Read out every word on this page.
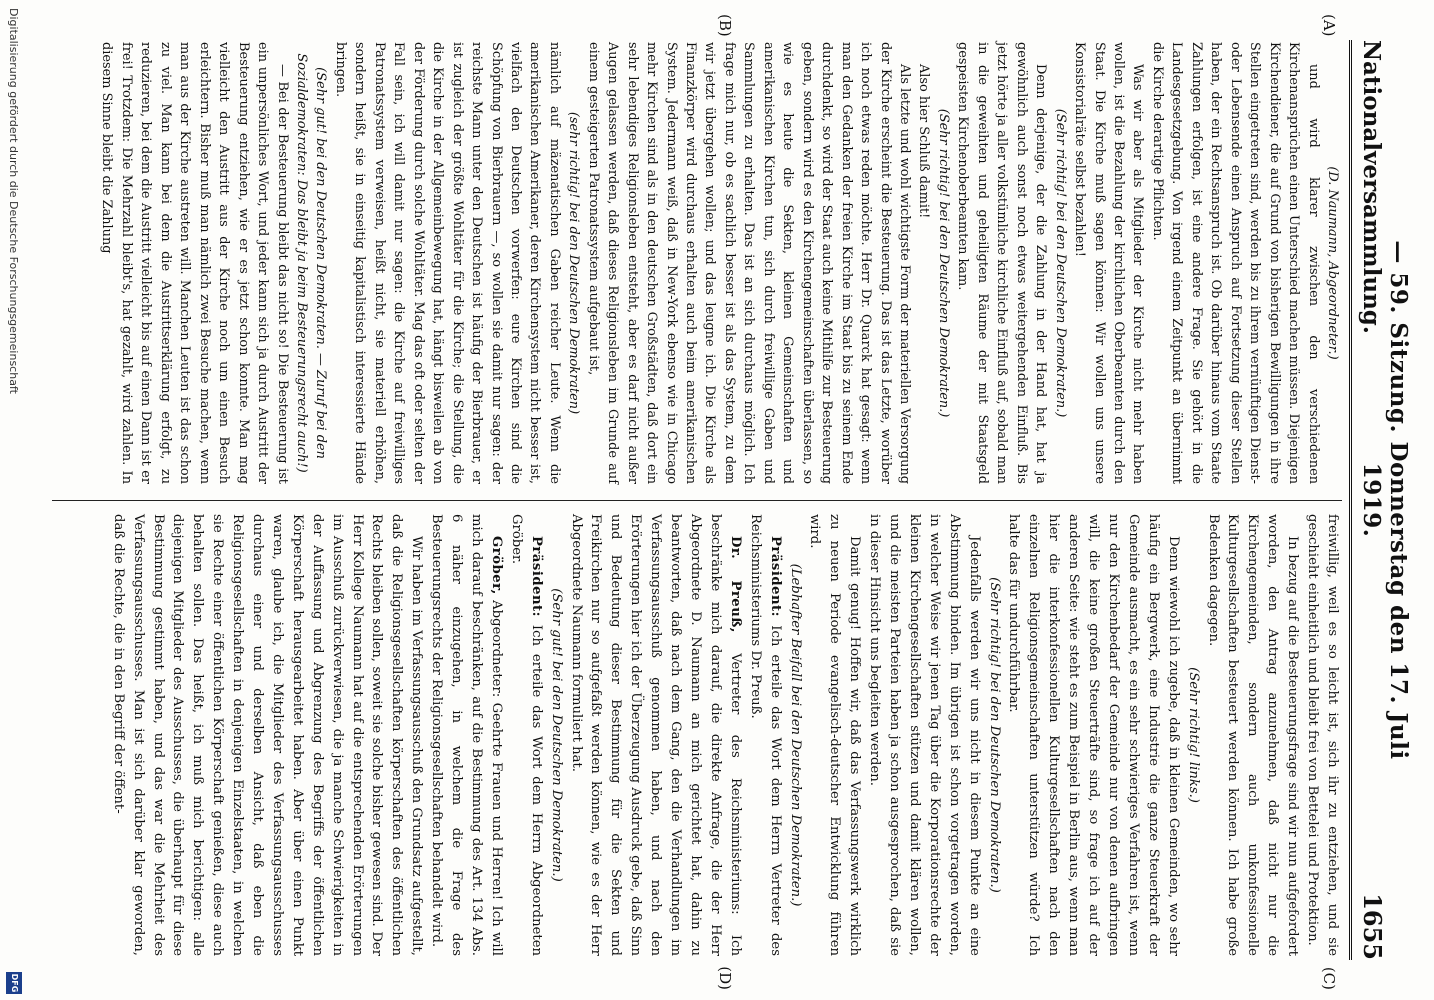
Nationalversammlung.
— 59. Sitzung. Donnerstag den 17. Juli 1919.
1655
(A)
(B)
(C)
(D)

(D. Naumann, Abgeordneter.)

und wird klarer zwischen den verschiedenen Kirchenansprüchen einen Unterschied machen müssen. Diejenigen Kirchendiener, die auf Grund von bisherigen Bewilligungen in ihre Stellen eingetreten sind, werden bis zu ihrem vernünftigen Dienst- oder Lebensende einen Anspruch auf Fortsetzung dieser Stellen haben, der ein Rechtsanspruch ist. Ob darüber hinaus vom Staate Zahlungen erfolgen, ist eine andere Frage. Sie gehört in die Landesgesetzgebung. Von irgend einem Zeitpunkt an übernimmt die Kirche derartige Pflichten.

Was wir aber als Mitglieder der Kirche nicht mehr haben wollen, ist die Bezahlung der kirchlichen Oberbeamten durch den Staat. Die Kirche muß sagen können: Wir wollen uns unsere Konsistorialräte selbst bezahlen!

(Sehr richtig! bei den Deutschen Demokraten.)

Denn derjenige, der die Zahlung in der Hand hat, hat ja gewöhnlich auch sonst noch etwas weitergehenden Einfluß. Bis jetzt hörte ja aller volkstümliche kirchliche Einfluß auf, sobald man in die geweihten und geheiligten Räume der mit Staatsgeld gespeisten Kirchenoberbeamten kam.

(Sehr richtig! bei den Deutschen Demokraten.)

Also hier Schluß damit!

Als letzte und wohl wichtigste Form der materiellen Versorgung der Kirche erscheint die Besteuerung. Das ist das Letzte, worüber ich noch etwas reden möchte. Herr Dr. Quarck hat gesagt: wenn man den Gedanken der freien Kirche im Staat bis zu seinem Ende durchdenkt, so wird der Staat auch keine Mithilfe zur Besteuerung geben, sondern wird es den Kirchengemeinschaften überlassen, so wie es heute die Sekten, kleinen Gemeinschaften und amerikanischen Kirchen tun, sich durch freiwillige Gaben und Sammlungen zu erhalten. Das ist an sich durchaus möglich. Ich frage mich nur, ob es sachlich besser ist als das System, zu dem wir jetzt übergehen wollen; und das leugne ich. Die Kirche als Finanzkörper wird durchaus erhalten auch beim amerikanischen System. Jedermann weiß, daß in New-York ebenso wie in Chicago mehr Kirchen sind als in den deutschen Großstädten, daß dort ein sehr lebendiges Religionsleben entsteht, aber es darf nicht außer Augen gelassen werden, daß dieses Religionsleben im Grunde auf einem gesteigerten Patronatssystem aufgebaut ist,

(sehr richtig! bei den Deutschen Demokraten)

nämlich auf mäzenatischen Gaben reicher Leute. Wenn die amerikanischen Amerikaner, deren Kirchensystem nicht besser ist, vielfach den Deutschen vorwerfen: eure Kirchen sind die Schöpfung von Bierbrauern —, so wollen sie damit nur sagen: der reichste Mann unter den Deutschen ist häufig der Bierbrauer, er ist zugleich der größte Wohltäter für die Kirche; die Stellung, die die Kirche in der Allgemeinbewegung hat, hängt bisweilen ab von der Förderung durch solche Wohltäter. Mag das oft oder selten der Fall sein, ich will damit nur sagen: die Kirche auf freiwilliges Patronatssystem verweisen, heißt nicht, sie materiell erhöhen, sondern heißt, sie in einseitig kapitalistisch interessierte Hände bringen.

(Sehr gut! bei den Deutschen Demokraten. — Zuruf bei den Sozialdemokraten: Das bleibt ja beim Besteuerungsrecht auch!)

— Bei der Besteuerung bleibt das nicht so! Die Besteuerung ist ein unpersönliches Wort, und jeder kann sich ja durch Austritt der Besteuerung entziehen, wie er es jetzt schon konnte. Man mag vielleicht den Austritt aus der Kirche noch um einen Besuch erleichtern. Bisher muß man nämlich zwei Besuche machen, wenn man aus der Kirche austreten will. Manchen Leuten ist das schon zu viel. Man kann bei dem die Austrittserklärung erfolgt, zu reduzieren, bei dem die Austritt vielleicht bis auf einen Dann ist er frei! Trotzdem: Die Mehrzahl bleibt's, hat gezahlt, wird zahlen. In diesem Sinne bleibt die Zahlung

freiwillig, weil es so leicht ist, sich ihr zu entziehen, und sie geschieht einheitlich und bleibt frei von Bettelei und Protektion.

In bezug auf die Besteuerungsfrage sind wir nun aufgefordert worden, den Antrag anzunehmen, daß nicht nur die Kirchengemeinden, sondern auch unkonfessionelle Kulturgesellschaften besteuert werden können. Ich habe große Bedenken dagegen.

(Sehr richtig! links.)

Denn wiewohl ich zugebe, daß in kleinen Gemeinden, wo sehr häufig ein Bergwerk, eine Industrie die ganze Steuerkraft der Gemeinde ausmacht, es ein sehr schwieriges Verfahren ist, wenn nur den Kirchenbedarf der Gemeinde nur von denen aufbringen will, die keine großen Steuerträfte sind, so frage ich auf der anderen Seite: wie steht es zum Beispiel in Berlin aus, wenn man hier die interkonfessionellen Kulturgesellschaften nach den einzelnen Religionsgemeinschaften unterstützen würde? Ich halte das für undurchführbar.

(Sehr richtig! bei den Deutschen Demokraten.)

Jedenfalls werden wir uns nicht in diesem Punkte an eine Abstimmung binden. Im übrigen ist schon vorgetragen worden, in welcher Weise wir jenen Tag über die Korporationsrechte der kleinen Kirchengesellschaften stützen und damit klären wollen, und die meisten Parteien haben ja schon ausgesprochen, daß sie in dieser Hinsicht uns begleiten werden.

Damit genug! Hoffen wir, daß das Verfassungswerk wirklich zu neuen Periode evangelisch-deutscher Entwicklung führen wird.

(Lebhafter Beifall bei den Deutschen Demokraten.)

Präsident: Ich erteile das Wort dem Herrn Vertreter des Reichsministeriums Dr. Preuß.

Dr. Preuß, Vertreter des Reichsministeriums: Ich beschränke mich darauf, die direkte Anfrage, die der Herr Abgeordnete D. Naumann an mich gerichtet hat, dahin zu beantworten, daß nach dem Gang, den die Verhandlungen im Verfassungsausschuß genommen haben, und nach den Erörterungen hier ich der Überzeugung Ausdruck gebe, daß Sinn und Bedeutung dieser Bestimmung für die Sekten und Freikirchen nur so aufgefaßt werden können, wie es der Herr Abgeordnete Naumann formuliert hat.

(Sehr gut! bei den Deutschen Demokraten.)

Präsident: Ich erteile das Wort dem Herrn Abgeordneten Gröber.

Gröber, Abgeordneter: Geehrte Frauen und Herren! Ich will mich darauf beschränken, auf die Bestimmung des Art. 134 Abs. 6 näher einzugehen, in welchem die Frage des Besteuerungsrechts der Religionsgesellschaften behandelt wird.

Wir haben im Verfassungsausschuß den Grundsatz aufgestellt, daß die Religionsgesellschaften körperschaften des öffentlichen Rechts bleiben sollen, soweit sie solche bisher gewesen sind. Der Herr Kollege Naumann hat auf die entsprechenden Erörterungen im Ausschuß zurückverwiesen, die ja manche Schwierigkeiten in der Auffassung und Abgrenzung des Begriffs der öffentlichen Körperschaft herausgearbeitet haben. Aber über einen Punkt waren, glaube ich, die Mitglieder des Verfassungsausschusses durchaus einer und derselben Ansicht, daß eben die Religionsgesellschaften in denjenigen Einzelstaaten, in welchen sie Rechte einer öffentlichen Körperschaft genießen, diese auch behalten sollen. Das heißt, ich muß mich berichtigen: alle diejenigen Mitglieder des Ausschusses, die überhaupt für diese Bestimmung gestimmt haben, und das war die Mehrheit des Verfassungsausschusses. Man ist sich darüber klar geworden, daß die Rechte, die in den Begriff der öffent-

Digitalisierung gefördert durch die Deutsche Forschungsgemeinschaft
DFG
